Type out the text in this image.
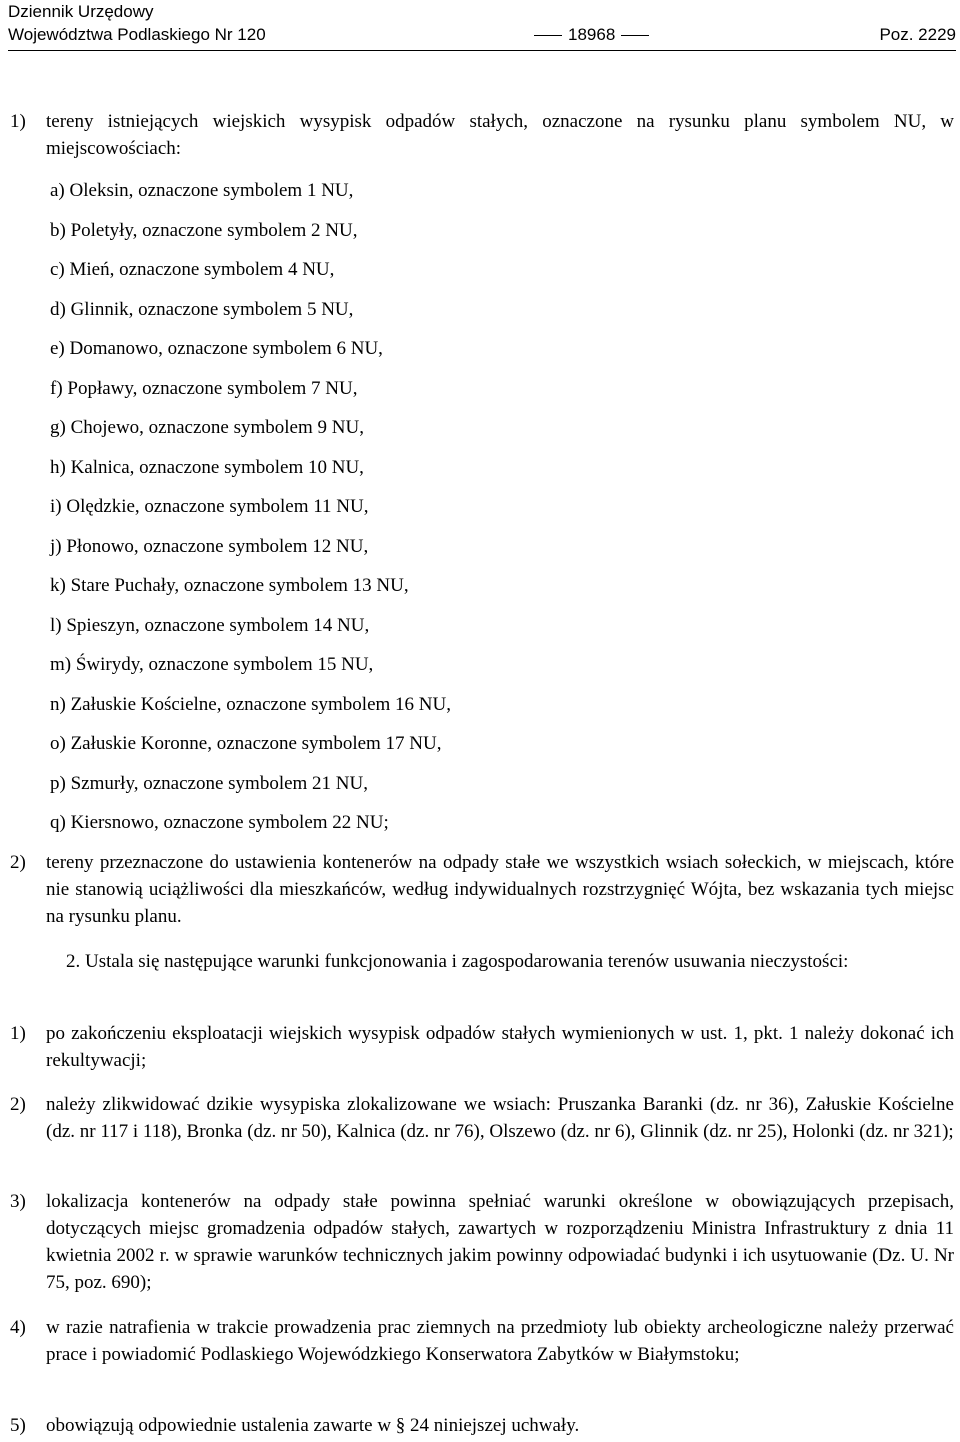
Dziennik Urzędowy
Województwa Podlaskiego Nr 120	18968	Poz. 2229
1) tereny istniejących wiejskich wysypisk odpadów stałych, oznaczone na rysunku planu symbolem NU, w miejscowościach:
a) Oleksin, oznaczone symbolem 1 NU,
b) Poletyły, oznaczone symbolem 2 NU,
c) Mień, oznaczone symbolem 4 NU,
d) Glinnik, oznaczone symbolem 5 NU,
e) Domanowo, oznaczone symbolem 6 NU,
f) Popławy, oznaczone symbolem 7 NU,
g) Chojewo, oznaczone symbolem 9 NU,
h) Kalnica, oznaczone symbolem 10 NU,
i) Olędzkie, oznaczone symbolem 11 NU,
j) Płonowo, oznaczone symbolem 12 NU,
k) Stare Puchały, oznaczone symbolem 13 NU,
l) Spieszyn, oznaczone symbolem 14 NU,
m) Świrydy, oznaczone symbolem 15 NU,
n) Załuskie Kościelne, oznaczone symbolem 16 NU,
o) Załuskie Koronne, oznaczone symbolem 17 NU,
p) Szmurły, oznaczone symbolem 21 NU,
q) Kiersnowo, oznaczone symbolem 22 NU;
2) tereny przeznaczone do ustawienia kontenerów na odpady stałe we wszystkich wsiach sołeckich, w miejscach, które nie stanowią uciążliwości dla mieszkańców, według indywidualnych rozstrzygnięć Wójta, bez wskazania tych miejsc na rysunku planu.
2. Ustala się następujące warunki funkcjonowania i zagospodarowania terenów usuwania nieczystości:
1) po zakończeniu eksploatacji wiejskich wysypisk odpadów stałych wymienionych w ust. 1, pkt. 1 należy dokonać ich rekultywacji;
2) należy zlikwidować dzikie wysypiska zlokalizowane we wsiach: Pruszanka Baranki (dz. nr 36), Załuskie Kościelne (dz. nr 117 i 118), Bronka (dz. nr 50), Kalnica (dz. nr 76), Olszewo (dz. nr 6), Glinnik (dz. nr 25), Holonki (dz. nr 321);
3) lokalizacja kontenerów na odpady stałe powinna spełniać warunki określone w obowiązujących przepisach, dotyczących miejsc gromadzenia odpadów stałych, zawartych w rozporządzeniu Ministra Infrastruktury z dnia 11 kwietnia 2002 r. w sprawie warunków technicznych jakim powinny odpowiadać budynki i ich usytuowanie (Dz. U. Nr 75, poz. 690);
4) w razie natrafienia w trakcie prowadzenia prac ziemnych na przedmioty lub obiekty archeologiczne należy przerwać prace i powiadomić Podlaskiego Wojewódzkiego Konserwatora Zabytków w Białymstoku;
5) obowiązują odpowiednie ustalenia zawarte w § 24 niniejszej uchwały.
